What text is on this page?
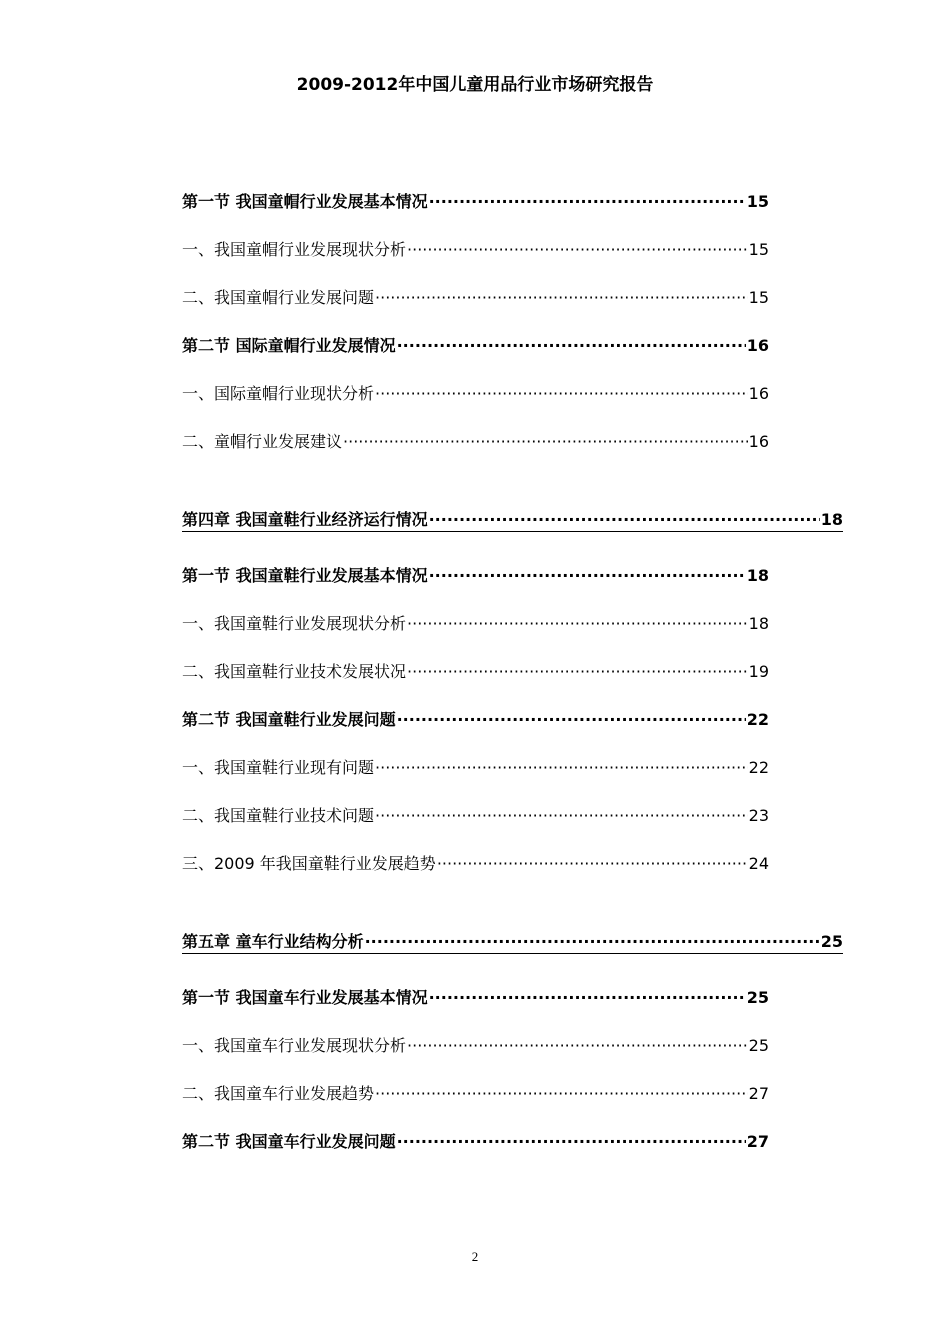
2009-2012年中国儿童用品行业市场研究报告
第一节 我国童帽行业发展基本情况 ·····	15
一、我国童帽行业发展现状分析 ·····	15
二、我国童帽行业发展问题 ·····	15
第二节 国际童帽行业发展情况 ·····	16
一、国际童帽行业现状分析 ·····	16
二、童帽行业发展建议 ·····	16
第四章 我国童鞋行业经济运行情况 ·····	18
第一节 我国童鞋行业发展基本情况 ·····	18
一、我国童鞋行业发展现状分析 ·····	18
二、我国童鞋行业技术发展状况 ·····	19
第二节 我国童鞋行业发展问题 ·····	22
一、我国童鞋行业现有问题 ·····	22
二、我国童鞋行业技术问题 ·····	23
三、2009 年我国童鞋行业发展趋势 ·····	24
第五章 童车行业结构分析 ·····	25
第一节 我国童车行业发展基本情况 ·····	25
一、我国童车行业发展现状分析 ·····	25
二、我国童车行业发展趋势 ·····	27
第二节 我国童车行业发展问题 ·····	27
2
